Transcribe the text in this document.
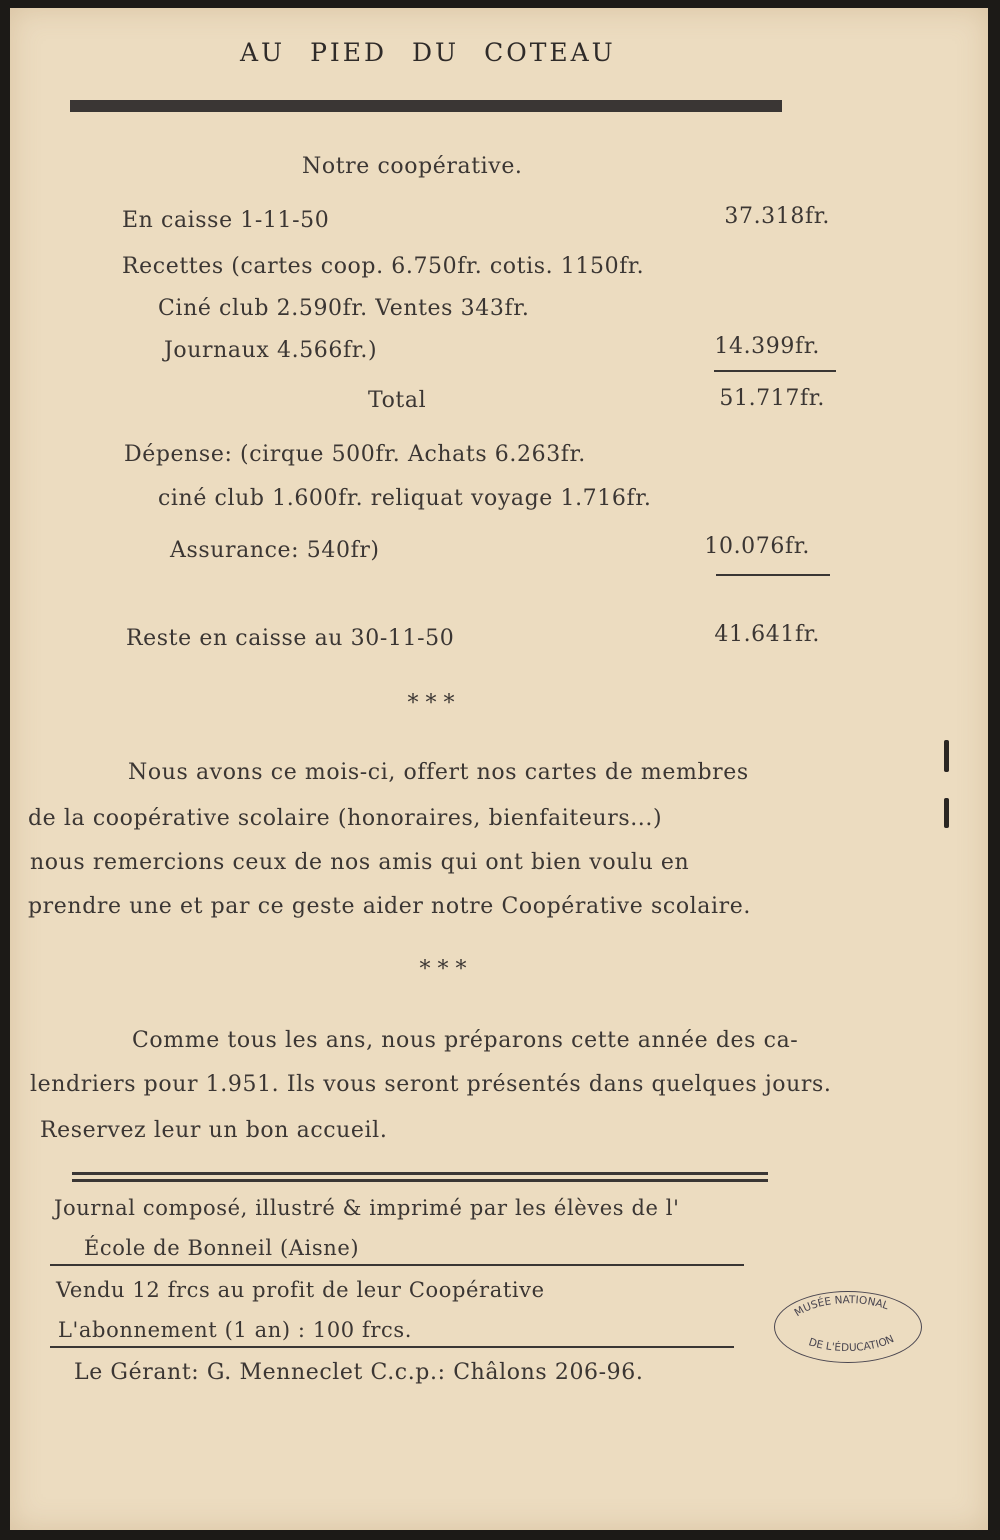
AU PIED DU COTEAU
Notre coopérative.
En caisse 1-11-50	37.318fr.
Recettes (cartes coop. 6.750fr. cotis. 1150fr.
Ciné club 2.590fr. Ventes 343fr.
Journaux 4.566fr.)	14.399fr.
Total	51.717fr.
Dépense: (cirque 500fr. Achats 6.263fr.
ciné club 1.600fr. reliquat voyage 1.716fr.
Assurance: 540fr)	10.076fr.
Reste en caisse au 30-11-50	41.641fr.
* * *
Nous avons ce mois-ci, offert nos cartes de membres
de la coopérative scolaire (honoraires, bienfaiteurs...)
nous remercions ceux de nos amis qui ont bien voulu en
prendre une et par ce geste aider notre Coopérative scolaire.
* * *
Comme tous les ans, nous préparons cette année des ca-
lendriers pour 1.951. Ils vous seront présentés dans quelques jours.
Reservez leur un bon accueil.
Journal composé, illustré & imprimé par les élèves de l'
École de Bonneil (Aisne)
Vendu 12 frcs au profit de leur Coopérative
L'abonnement (1 an) : 100 frcs.
Le Gérant: G. Menneclet C.c.p.: Châlons 206-96.
MUSÉE NATIONAL
DE L'ÉDUCATION
